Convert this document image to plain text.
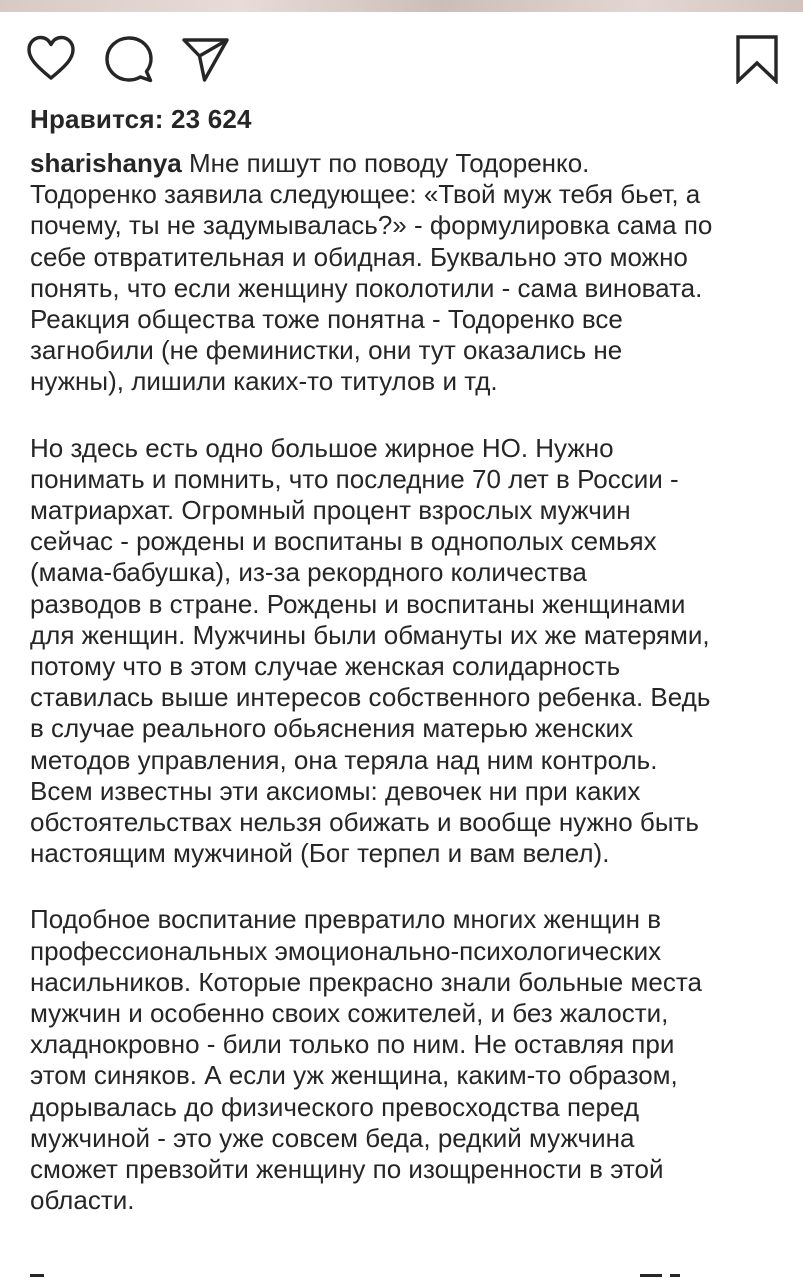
Нравится: 23 624

sharishanya Мне пишут по поводу Тодоренко.

Тодоренко заявила следующее: «Твой муж тебя бьет, а

почему, ты не задумывалась?» - формулировка сама по

себе отвратительная и обидная. Буквально это можно

понять, что если женщину поколотили - сама виновата.

Реакция общества тоже понятна - Тодоренко все

загнобили (не феминистки, они тут оказались не

нужны), лишили каких-то титулов и тд.

Но здесь есть одно большое жирное НО. Нужно

понимать и помнить, что последние 70 лет в России -

матриархат. Огромный процент взрослых мужчин

сейчас - рождены и воспитаны в однополых семьях

(мама-бабушка), из-за рекордного количества

разводов в стране. Рождены и воспитаны женщинами

для женщин. Мужчины были обмануты их же матерями,

потому что в этом случае женская солидарность

ставилась выше интересов собственного ребенка. Ведь

в случае реального обьяснения матерью женских

методов управления, она теряла над ним контроль.

Всем известны эти аксиомы: девочек ни при каких

обстоятельствах нельзя обижать и вообще нужно быть

настоящим мужчиной (Бог терпел и вам велел).

Подобное воспитание превратило многих женщин в

профессиональных эмоционально-психологических

насильников. Которые прекрасно знали больные места

мужчин и особенно своих сожителей, и без жалости,

хладнокровно - били только по ним. Не оставляя при

этом синяков. А если уж женщина, каким-то образом,

дорывалась до физического превосходства перед

мужчиной - это уже совсем беда, редкий мужчина

сможет превзойти женщину по изощренности в этой

области.
